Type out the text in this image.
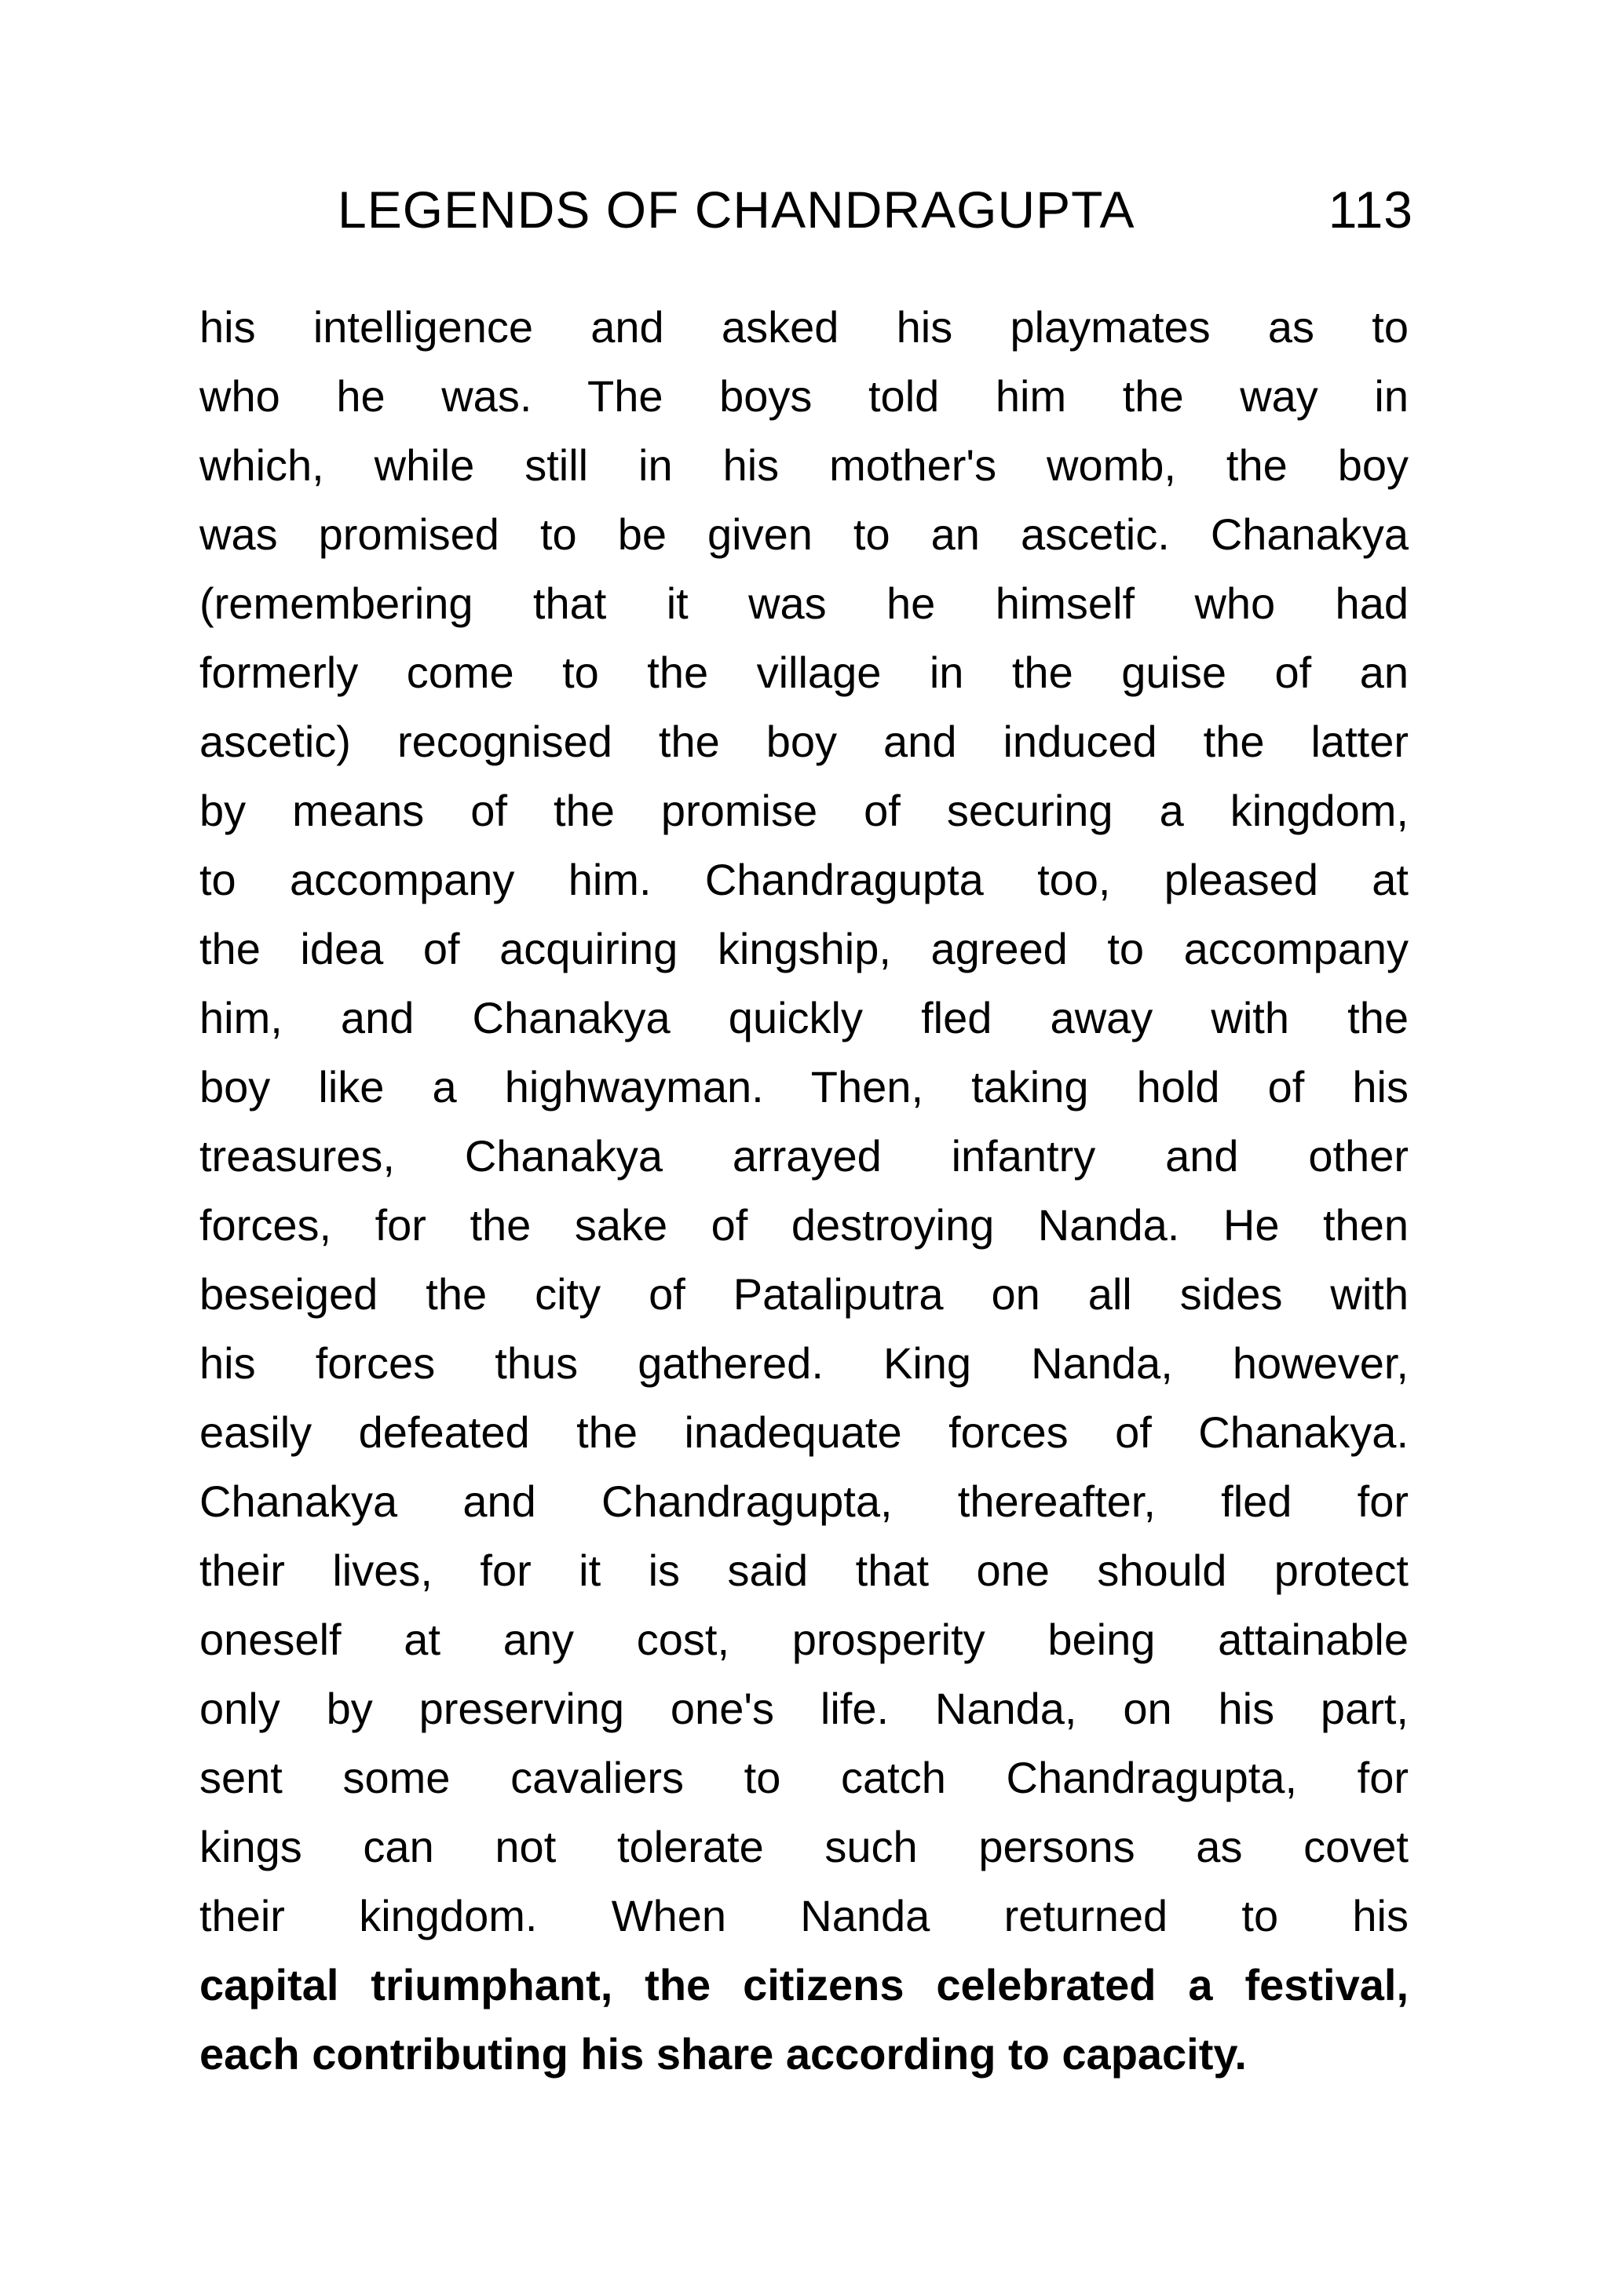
LEGENDS OF CHANDRAGUPTA	113
his intelligence and asked his playmates as to
who he was. The boys told him the way in
which, while still in his mother's womb, the boy
was promised to be given to an ascetic. Chanakya
(remembering that it was he himself who had
formerly come to the village in the guise of an
ascetic) recognised the boy and induced the latter
by means of the promise of securing a kingdom,
to accompany him. Chandragupta too, pleased at
the idea of acquiring kingship, agreed to accompany
him, and Chanakya quickly fled away with the
boy like a highwayman. Then, taking hold of his
treasures, Chanakya arrayed infantry and other
forces, for the sake of destroying Nanda. He then
beseiged the city of Pataliputra on all sides with
his forces thus gathered. King Nanda, however,
easily defeated the inadequate forces of Chanakya.
Chanakya and Chandragupta, thereafter, fled for
their lives, for it is said that one should protect
oneself at any cost, prosperity being attainable
only by preserving one's life. Nanda, on his part,
sent some cavaliers to catch Chandragupta, for
kings can not tolerate such persons as covet
their kingdom. When Nanda returned to his
capital triumphant, the citizens celebrated a festival,
each contributing his share according to capacity.
